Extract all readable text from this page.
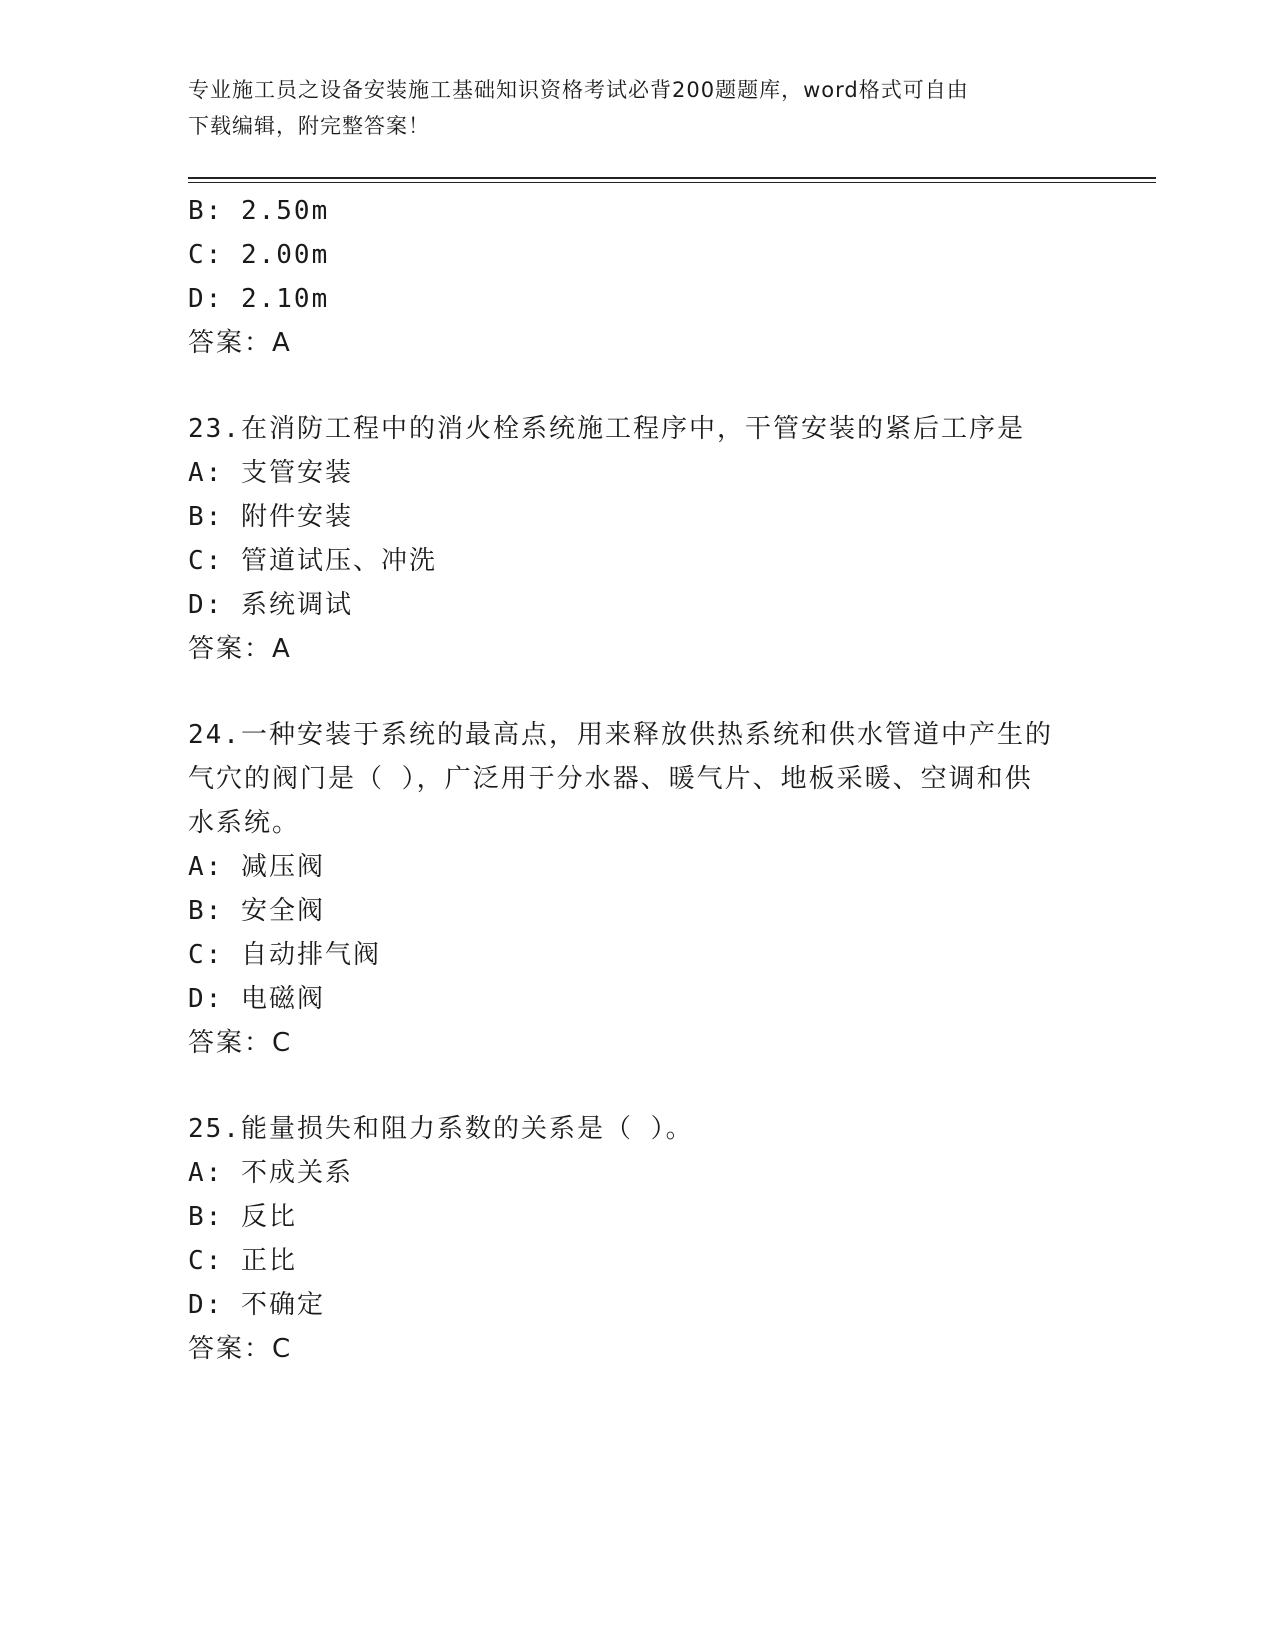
专业施工员之设备安装施工基础知识资格考试必背200题题库，word格式可自由
下载编辑，附完整答案！
B: 2.50m
C: 2.00m
D: 2.10m
答案：A
23.在消防工程中的消火栓系统施工程序中，干管安装的紧后工序是
A: 支管安装
B: 附件安装
C: 管道试压、冲洗
D: 系统调试
答案：A
24.一种安装于系统的最高点，用来释放供热系统和供水管道中产生的
气穴的阀门是（ ），广泛用于分水器、暖气片、地板采暖、空调和供
水系统。
A: 减压阀
B: 安全阀
C: 自动排气阀
D: 电磁阀
答案：C
25.能量损失和阻力系数的关系是（ ）。
A: 不成关系
B: 反比
C: 正比
D: 不确定
答案：C
